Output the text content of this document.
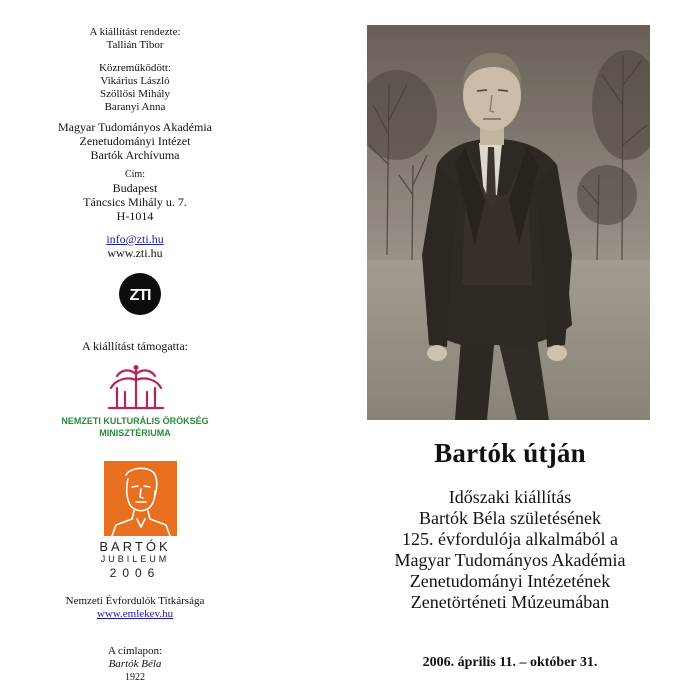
A kiállítást rendezte:
Tallián Tibor
Közreműködött:
Vikárius László
Szöllősi Mihály
Baranyi Anna
Magyar Tudományos Akadémia
Zenetudományi Intézet
Bartók Archívuma
Cím:
Budapest
Táncsics Mihály u. 7.
H-1014
info@zti.hu
www.zti.hu
ZTI
A kiállítást támogatta:
NEMZETI KULTURÁLIS ÖRÖKSÉG
MINISZTÉRIUMA
BARTÓK
JUBILEUM
2006
Nemzeti Évfordulók Titkársága
www.emlekev.hu
A címlapon:
Bartók Béla
1922
Bartók útján
Időszaki kiállítás
Bartók Béla születésének
125. évfordulója alkalmából a
Magyar Tudományos Akadémia
Zenetudományi Intézetének
Zenetörténeti Múzeumában
2006. április 11. – október 31.
